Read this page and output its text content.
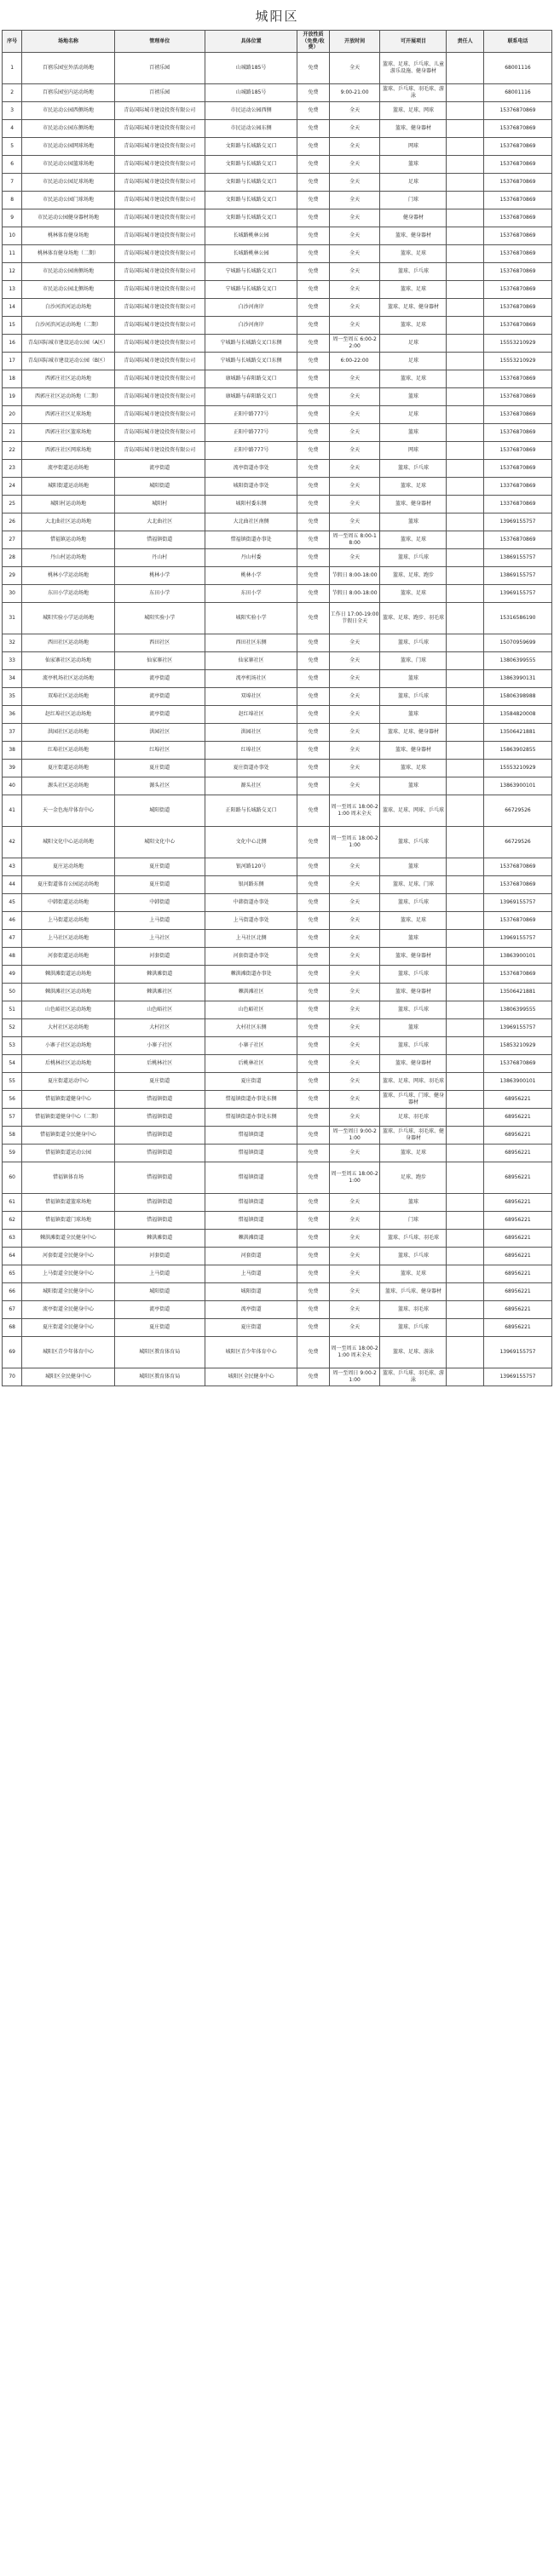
城阳区
序号	场地名称	管理单位	具体位置	开放性质（免费/收费）	开放时间	可开展项目	责任人	联系电话
1	百禧乐园室外活动场地	百禧乐园	山城路185号	免费	全天	篮球、足球、乒乓球、儿童游乐设施、健身器材		68001116
2	百禧乐园室内运动场地	百禧乐园	山城路185号	免费	9:00-21:00	篮球、乒乓球、羽毛球、游泳		68001116
3	市民运动公园西侧场地	青岛国际城市建设投资有限公司	市民运动公园西侧	免费	全天	篮球、足球、网球		15376870869
4	市民运动公园东侧场地	青岛国际城市建设投资有限公司	市民运动公园东侧	免费	全天	篮球、健身器材		15376870869
5	市民运动公园网球场地	青岛国际城市建设投资有限公司	文阳路与长城路交叉口	免费	全天	网球		15376870869
6	市民运动公园篮球场地	青岛国际城市建设投资有限公司	文阳路与长城路交叉口	免费	全天	篮球		15376870869
7	市民运动公园足球场地	青岛国际城市建设投资有限公司	文阳路与长城路交叉口	免费	全天	足球		15376870869
8	市民运动公园门球场地	青岛国际城市建设投资有限公司	文阳路与长城路交叉口	免费	全天	门球		15376870869
9	市民运动公园健身器材场地	青岛国际城市建设投资有限公司	文阳路与长城路交叉口	免费	全天	健身器材		15376870869
10	桃林体育健身场地	青岛国际城市建设投资有限公司	长城路桃林公园	免费	全天	篮球、健身器材		15376870869
11	桃林体育健身场地（二期）	青岛国际城市建设投资有限公司	长城路桃林公园	免费	全天	篮球、足球		15376870869
12	市民运动公园南侧场地	青岛国际城市建设投资有限公司	宁城路与长城路交叉口	免费	全天	篮球、乒乓球		15376870869
13	市民运动公园北侧场地	青岛国际城市建设投资有限公司	宁城路与长城路交叉口	免费	全天	篮球、足球		15376870869
14	白沙河滨河运动场地	青岛国际城市建设投资有限公司	白沙河南岸	免费	全天	篮球、足球、健身器材		15376870869
15	白沙河滨河运动场地（二期）	青岛国际城市建设投资有限公司	白沙河南岸	免费	全天	篮球、足球		15376870869
16	青岛国际城市建设运动公园（A区）	青岛国际城市建设投资有限公司	宁城路与长城路交叉口东侧	免费	周一至周五 6:00-22:00	足球		15553210929
17	青岛国际城市建设运动公园（B区）	青岛国际城市建设投资有限公司	宁城路与长城路交叉口东侧	免费	6:00-22:00	足球		15553210929
18	西郭庄社区运动场地	青岛国际城市建设投资有限公司	康城路与春阳路交叉口	免费	全天	篮球、足球		15376870869
19	西郭庄社区运动场地（二期）	青岛国际城市建设投资有限公司	康城路与春阳路交叉口	免费	全天	篮球		15376870869
20	西郭庄社区足球场地	青岛国际城市建设投资有限公司	正阳中路777号	免费	全天	足球		15376870869
21	西郭庄社区篮球场地	青岛国际城市建设投资有限公司	正阳中路777号	免费	全天	篮球		15376870869
22	西郭庄社区网球场地	青岛国际城市建设投资有限公司	正阳中路777号	免费	全天	网球		15376870869
23	流亭街道运动场地	流亭街道	流亭街道办事处	免费	全天	篮球、乒乓球		15376870869
24	城阳街道运动场地	城阳街道	城阳街道办事处	免费	全天	篮球、足球		13376870869
25	城阳村运动场地	城阳村	城阳村委东侧	免费	全天	篮球、健身器材		13376870869
26	大北曲社区运动场地	大北曲社区	大北曲社区南侧	免费	全天	篮球		13969155757
27	惜福镇运动场地	惜福镇街道	惜福镇街道办事处	免费	周一至周五 8:00-18:00	篮球、足球		15376870869
28	丹山村运动场地	丹山村	丹山村委	免费	全天	篮球、乒乓球		13869155757
29	桃林小学运动场地	桃林小学	桃林小学	免费	节假日 8:00-18:00	篮球、足球、跑步		13869155757
30	东田小学运动场地	东田小学	东田小学	免费	节假日 8:00-18:00	篮球、足球		13969155757
31	城阳实验小学运动场地	城阳实验小学	城阳实验小学	免费	工作日 17:00-19:00 节假日全天	篮球、足球、跑步、羽毛球		15316586190
32	西田社区运动场地	西田社区	西田社区东侧	免费	全天	篮球、乒乓球		15070959699
33	仙家寨社区运动场地	仙家寨社区	仙家寨社区	免费	全天	篮球、门球		13806399555
34	流亭机场社区运动场地	流亭街道	流亭机场社区	免费	全天	篮球		13863990131
35	双埠社区运动场地	流亭街道	双埠社区	免费	全天	篮球、乒乓球		15806398988
36	赵红埠社区运动场地	流亭街道	赵红埠社区	免费	全天	篮球		13584820008
37	洪园社区运动场地	洪园社区	洪园社区	免费	全天	篮球、足球、健身器材		13506421881
38	红埠社区运动场地	红埠社区	红埠社区	免费	全天	篮球、健身器材		15863902855
39	夏庄街道运动场地	夏庄街道	夏庄街道办事处	免费	全天	篮球、足球		15553210929
40	源头社区运动场地	源头社区	源头社区	免费	全天	篮球		13863900101
41	天一金色海岸体育中心	城阳街道	正阳路与长城路交叉口	免费	周一至周五 18:00-21:00 周末全天	篮球、足球、网球、乒乓球		66729526
42	城阳文化中心运动场地	城阳文化中心	文化中心北侧	免费	周一至周五 18:00-21:00	篮球、乒乓球		66729526
43	夏庄运动场地	夏庄街道	银河路120号	免费	全天	篮球		15376870869
44	夏庄街道体育公园运动场地	夏庄街道	银河路东侧	免费	全天	篮球、足球、门球		15376870869
45	中韩街道运动场地	中韩街道	中韩街道办事处	免费	全天	篮球、乒乓球		13969155757
46	上马街道运动场地	上马街道	上马街道办事处	免费	全天	篮球、足球		15376870869
47	上马社区运动场地	上马社区	上马社区北侧	免费	全天	篮球		13969155757
48	河套街道运动场地	河套街道	河套街道办事处	免费	全天	篮球、健身器材		13863900101
49	棘洪滩街道运动场地	棘洪滩街道	棘洪滩街道办事处	免费	全天	篮球、乒乓球		15376870869
50	棘洪滩社区运动场地	棘洪滩社区	棘洪滩社区	免费	全天	篮球、健身器材		13506421881
51	山色峪社区运动场地	山色峪社区	山色峪社区	免费	全天	篮球、乒乓球		13806399555
52	大村社区运动场地	大村社区	大村社区东侧	免费	全天	篮球		13969155757
53	小寨子社区运动场地	小寨子社区	小寨子社区	免费	全天	篮球、乒乓球		15853210929
54	后桃林社区运动场地	后桃林社区	后桃林社区	免费	全天	篮球、健身器材		15376870869
55	夏庄街道运动中心	夏庄街道	夏庄街道	免费	全天	篮球、足球、网球、羽毛球		13863900101
56	惜福镇街道健身中心	惜福镇街道	惜福镇街道办事处东侧	免费	全天	篮球、乒乓球、门球、健身器材		68956221
57	惜福镇街道健身中心（二期）	惜福镇街道	惜福镇街道办事处东侧	免费	全天	足球、羽毛球		68956221
58	惜福镇街道全民健身中心	惜福镇街道	惜福镇街道	免费	周一至周日 9:00-21:00	篮球、乒乓球、羽毛球、健身器材		68956221
59	惜福镇街道运动公园	惜福镇街道	惜福镇街道	免费	全天	篮球、足球		68956221
60	惜福镇体育场	惜福镇街道	惜福镇街道	免费	周一至周五 18:00-21:00	足球、跑步		68956221
61	惜福镇街道篮球场地	惜福镇街道	惜福镇街道	免费	全天	篮球		68956221
62	惜福镇街道门球场地	惜福镇街道	惜福镇街道	免费	全天	门球		68956221
63	棘洪滩街道全民健身中心	棘洪滩街道	棘洪滩街道	免费	全天	篮球、乒乓球、羽毛球		68956221
64	河套街道全民健身中心	河套街道	河套街道	免费	全天	篮球、乒乓球		68956221
65	上马街道全民健身中心	上马街道	上马街道	免费	全天	篮球、足球		68956221
66	城阳街道全民健身中心	城阳街道	城阳街道	免费	全天	篮球、乒乓球、健身器材		68956221
67	流亭街道全民健身中心	流亭街道	流亭街道	免费	全天	篮球、羽毛球		68956221
68	夏庄街道全民健身中心	夏庄街道	夏庄街道	免费	全天	篮球、乒乓球		68956221
69	城阳区青少年体育中心	城阳区教育体育局	城阳区青少年体育中心	免费	周一至周五 18:00-21:00 周末全天	篮球、足球、游泳		13969155757
70	城阳区全民健身中心	城阳区教育体育局	城阳区全民健身中心	免费	周一至周日 9:00-21:00	篮球、乒乓球、羽毛球、游泳		13969155757
